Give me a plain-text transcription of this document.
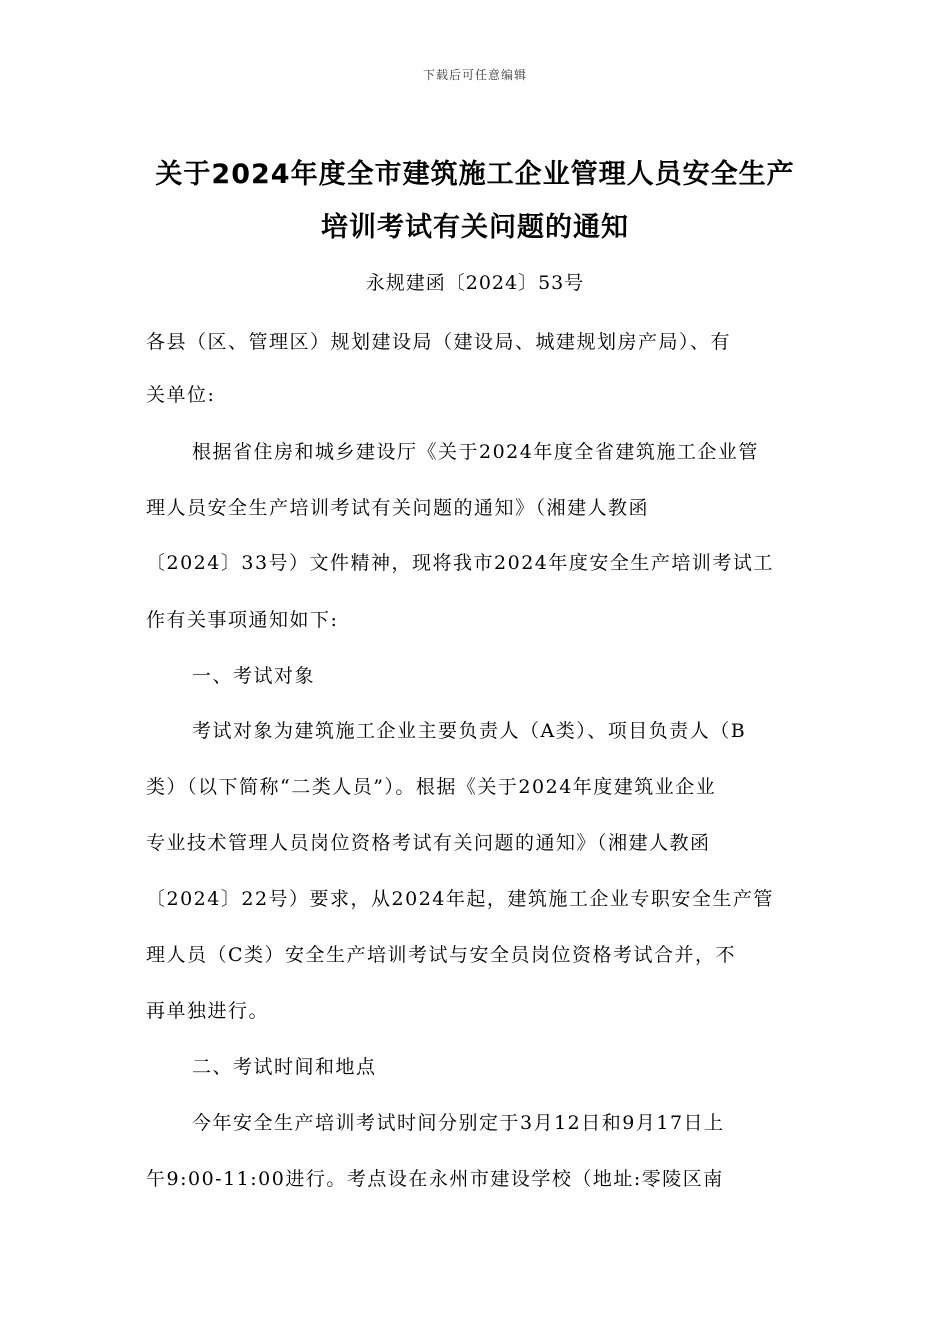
下载后可任意编辑
关于2024年度全市建筑施工企业管理人员安全生产
培训考试有关问题的通知
永规建函〔2024〕53号
各县（区、管理区）规划建设局（建设局、城建规划房产局）、有
关单位:
根据省住房和城乡建设厅《关于2024年度全省建筑施工企业管
理人员安全生产培训考试有关问题的通知》（湘建人教函
〔2024〕33号）文件精神，现将我市2024年度安全生产培训考试工
作有关事项通知如下:
一、考试对象
考试对象为建筑施工企业主要负责人（A类）、项目负责人（B
类）（以下简称“二类人员”）。根据《关于2024年度建筑业企业
专业技术管理人员岗位资格考试有关问题的通知》（湘建人教函
〔2024〕22号）要求，从2024年起，建筑施工企业专职安全生产管
理人员（C类）安全生产培训考试与安全员岗位资格考试合并，不
再单独进行。
二、考试时间和地点
今年安全生产培训考试时间分别定于3月12日和9月17日上
午9:00-11:00进行。考点设在永州市建设学校（地址:零陵区南
